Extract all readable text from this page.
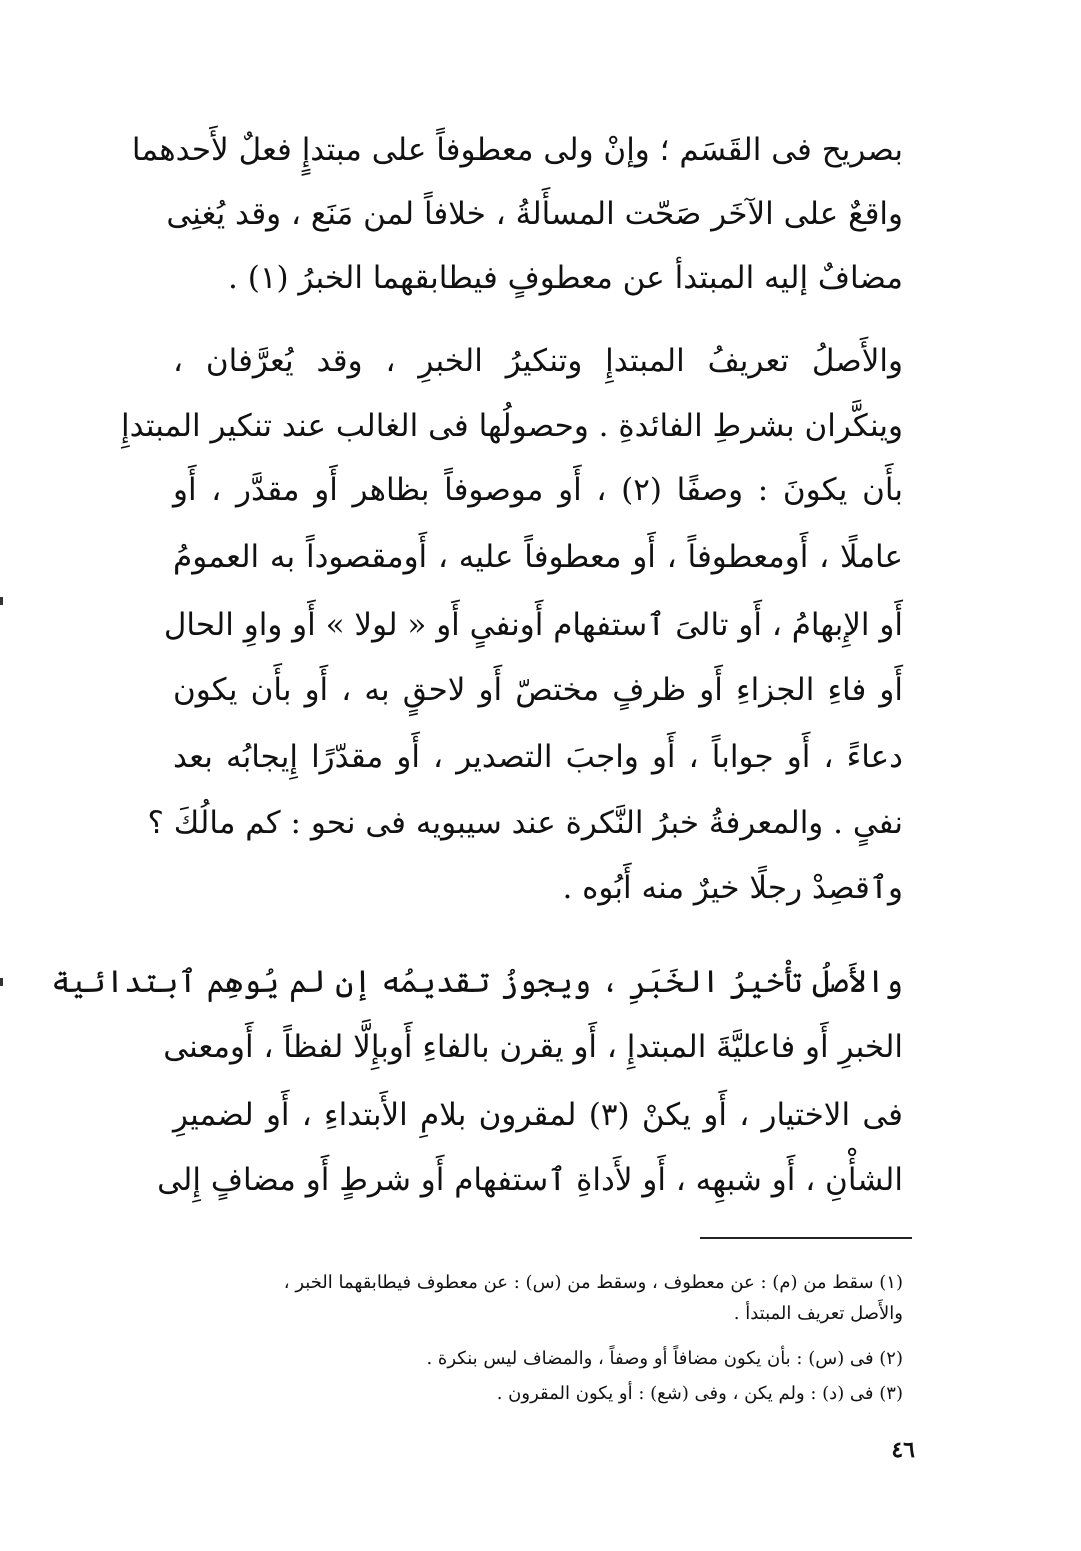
بصريح فى القَسَم ؛ وإنْ ولى معطوفاً على مبتدإٍ فعلٌ لأَحدهما
واقعٌ على الآخَر صَحّت المسأَلةُ ، خلافاً لمن مَنَع ، وقد يُغنِى
مضافٌ إليه المبتدأ عن معطوفٍ فيطابقهما الخبرُ (١) .
والأَصلُ تعريفُ المبتدإِ وتنكيرُ الخبرِ ، وقد يُعرَّفان ،
وينكَّران بشرطِ الفائدةِ . وحصولُها فى الغالب عند تنكير المبتدإِ
بأَن يكونَ : وصفًا (٢) ، أَو موصوفاً بظاهر أَو مقدَّر ، أَو
عاملًا ، أَومعطوفاً ، أَو معطوفاً عليه ، أَومقصوداً به العمومُ
أَو الإِبهامُ ، أَو تالىَ ٱستفهام أَونفىٍ أَو « لولا » أَو واوِ الحال
أَو فاءِ الجزاءِ أَو ظرفٍ مختصّ أَو لاحقٍ به ، أَو بأَن يكون
دعاءً ، أَو جواباً ، أَو واجبَ التصدير ، أَو مقدّرًا إِيجابُه بعد
نفىٍ . والمعرفةُ خبرُ النَّكرة عند سيبويه فى نحو : كم مالُكَ ؟
وٱقصِدْ رجلًا خيرٌ منه أَبُوه .
والأَصلُ تأْخيرُ الخَبَرِ ، ويجوزُ تقديمُه إن لم يُوهِم ٱبتدائية
الخبرِ أَو فاعليَّةَ المبتدإِ ، أَو يقرن بالفاءِ أَوبإِلَّا لفظاً ، أَومعنى
فى الاختيار ، أَو يكنْ (٣) لمقرون بلامِ الأَبتداءِ ، أَو لضميرِ
الشأْنِ ، أَو شبهِه ، أَو لأَداةِ ٱستفهام أَو شرطٍ أَو مضافٍ إِلى
(١) سقط من (م) : عن معطوف ، وسقط من (س) : عن معطوف فيطابقهما الخبر ،
والأَصل تعريف المبتدأ .
(٢) فى (س) : بأن يكون مضافاً أو وصفاً ، والمضاف ليس بنكرة .
(٣) فى (د) : ولم يكن ، وفى (شع) : أو يكون المقرون .
٤٦
